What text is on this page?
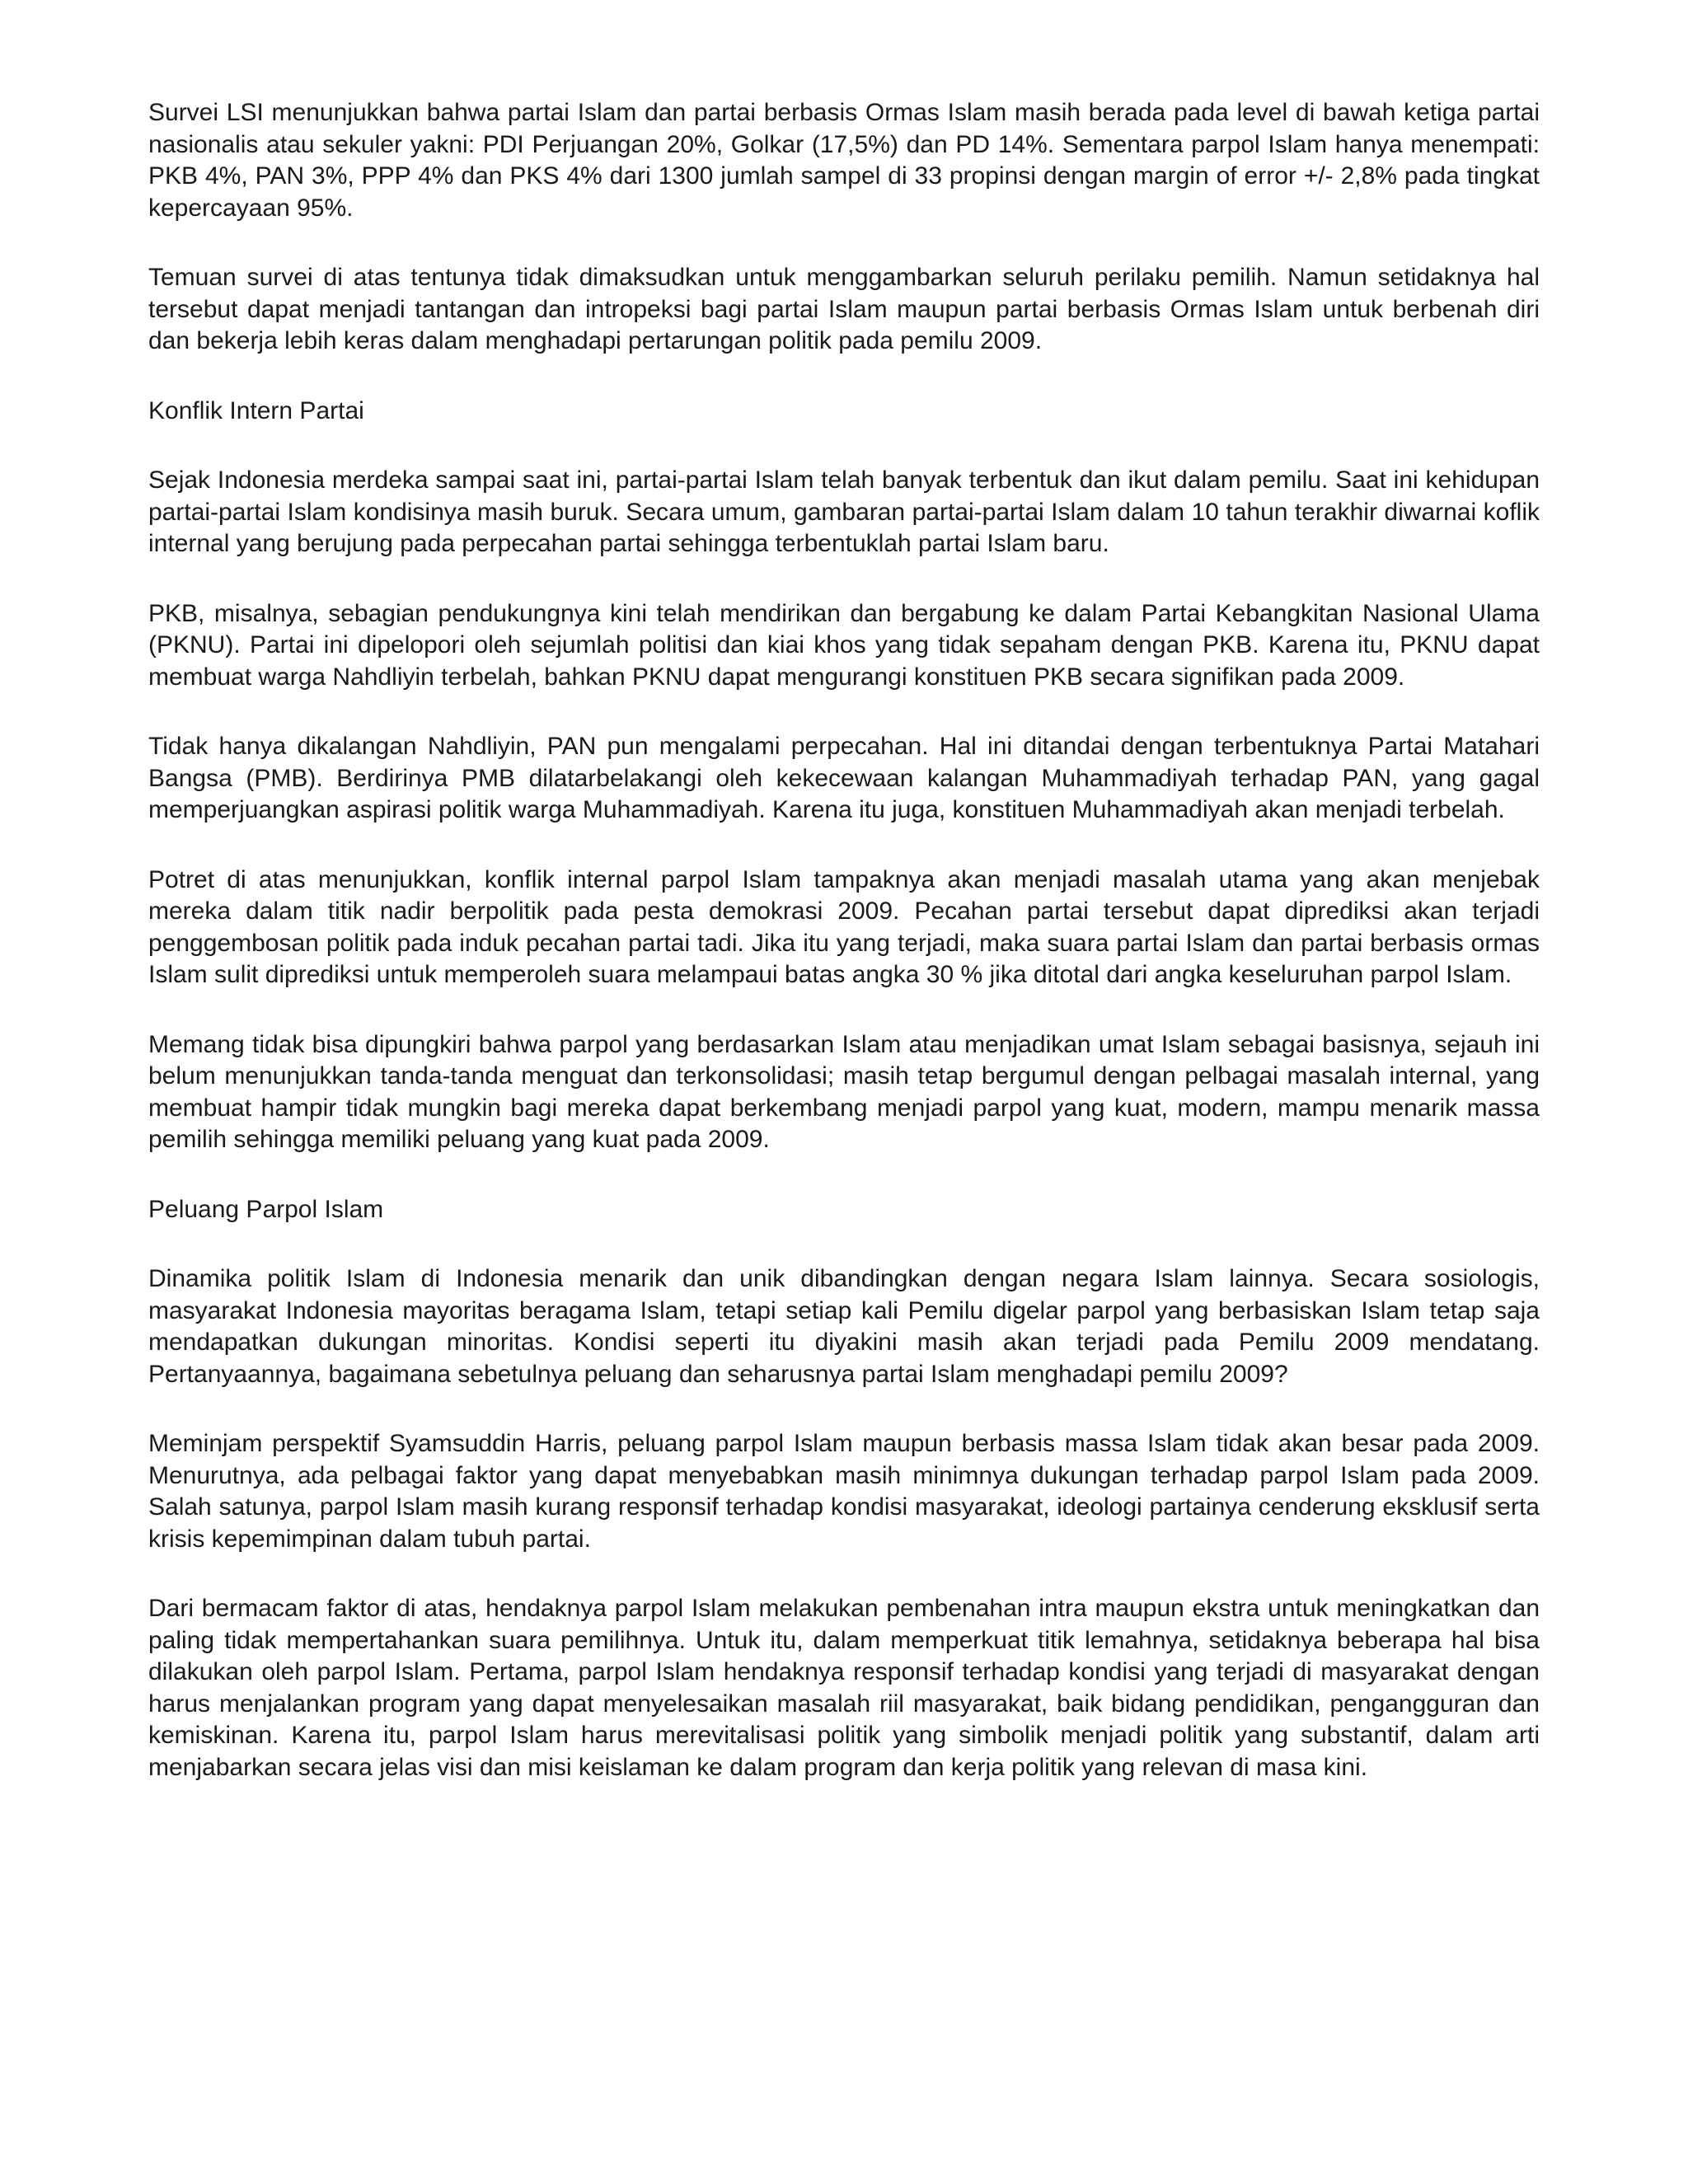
Survei LSI menunjukkan bahwa partai Islam dan partai berbasis Ormas Islam masih berada pada level di bawah ketiga partai nasionalis atau sekuler yakni: PDI Perjuangan 20%, Golkar (17,5%) dan PD 14%. Sementara parpol Islam hanya menempati: PKB 4%, PAN 3%, PPP 4% dan PKS 4% dari 1300 jumlah sampel di 33 propinsi dengan margin of error +/- 2,8% pada tingkat kepercayaan 95%.

Temuan survei di atas tentunya tidak dimaksudkan untuk menggambarkan seluruh perilaku pemilih. Namun setidaknya hal tersebut dapat menjadi tantangan dan intropeksi bagi partai Islam maupun partai berbasis Ormas Islam untuk berbenah diri dan bekerja lebih keras dalam menghadapi pertarungan politik pada pemilu 2009.

Konflik Intern Partai

Sejak Indonesia merdeka sampai saat ini, partai-partai Islam telah banyak terbentuk dan ikut dalam pemilu. Saat ini kehidupan partai-partai Islam kondisinya masih buruk. Secara umum, gambaran partai-partai Islam dalam 10 tahun terakhir diwarnai koflik internal yang berujung pada perpecahan partai sehingga terbentuklah partai Islam baru.

PKB, misalnya, sebagian pendukungnya kini telah mendirikan dan bergabung ke dalam Partai Kebangkitan Nasional Ulama (PKNU). Partai ini dipelopori oleh sejumlah politisi dan kiai khos yang tidak sepaham dengan PKB. Karena itu, PKNU dapat membuat warga Nahdliyin terbelah, bahkan PKNU dapat mengurangi konstituen PKB secara signifikan pada 2009.

Tidak hanya dikalangan Nahdliyin, PAN pun mengalami perpecahan. Hal ini ditandai dengan terbentuknya Partai Matahari Bangsa (PMB). Berdirinya PMB dilatarbelakangi oleh kekecewaan kalangan Muhammadiyah terhadap PAN, yang gagal memperjuangkan aspirasi politik warga Muhammadiyah. Karena itu juga, konstituen Muhammadiyah akan menjadi terbelah.

Potret di atas menunjukkan, konflik internal parpol Islam tampaknya akan menjadi masalah utama yang akan menjebak mereka dalam titik nadir berpolitik pada pesta demokrasi 2009. Pecahan partai tersebut dapat diprediksi akan terjadi penggembosan politik pada induk pecahan partai tadi. Jika itu yang terjadi, maka suara partai Islam dan partai berbasis ormas Islam sulit diprediksi untuk memperoleh suara melampaui batas angka 30 % jika ditotal dari angka keseluruhan parpol Islam.

Memang tidak bisa dipungkiri bahwa parpol yang berdasarkan Islam atau menjadikan umat Islam sebagai basisnya, sejauh ini belum menunjukkan tanda-tanda menguat dan terkonsolidasi; masih tetap bergumul dengan pelbagai masalah internal, yang membuat hampir tidak mungkin bagi mereka dapat berkembang menjadi parpol yang kuat, modern, mampu menarik massa pemilih sehingga memiliki peluang yang kuat pada 2009.

Peluang Parpol Islam

Dinamika politik Islam di Indonesia menarik dan unik dibandingkan dengan negara Islam lainnya. Secara sosiologis, masyarakat Indonesia mayoritas beragama Islam, tetapi setiap kali Pemilu digelar parpol yang berbasiskan Islam tetap saja mendapatkan dukungan minoritas. Kondisi seperti itu diyakini masih akan terjadi pada Pemilu 2009 mendatang. Pertanyaannya, bagaimana sebetulnya peluang dan seharusnya partai Islam menghadapi pemilu 2009?

Meminjam perspektif Syamsuddin Harris, peluang parpol Islam maupun berbasis massa Islam tidak akan besar pada 2009. Menurutnya, ada pelbagai faktor yang dapat menyebabkan masih minimnya dukungan terhadap parpol Islam pada 2009. Salah satunya, parpol Islam masih kurang responsif terhadap kondisi masyarakat, ideologi partainya cenderung eksklusif serta krisis kepemimpinan dalam tubuh partai.

Dari bermacam faktor di atas, hendaknya parpol Islam melakukan pembenahan intra maupun ekstra untuk meningkatkan dan paling tidak mempertahankan suara pemilihnya. Untuk itu, dalam memperkuat titik lemahnya, setidaknya beberapa hal bisa dilakukan oleh parpol Islam. Pertama, parpol Islam hendaknya responsif terhadap kondisi yang terjadi di masyarakat dengan harus menjalankan program yang dapat menyelesaikan masalah riil masyarakat, baik bidang pendidikan, pengangguran dan kemiskinan. Karena itu, parpol Islam harus merevitalisasi politik yang simbolik menjadi politik yang substantif, dalam arti menjabarkan secara jelas visi dan misi keislaman ke dalam program dan kerja politik yang relevan di masa kini.
